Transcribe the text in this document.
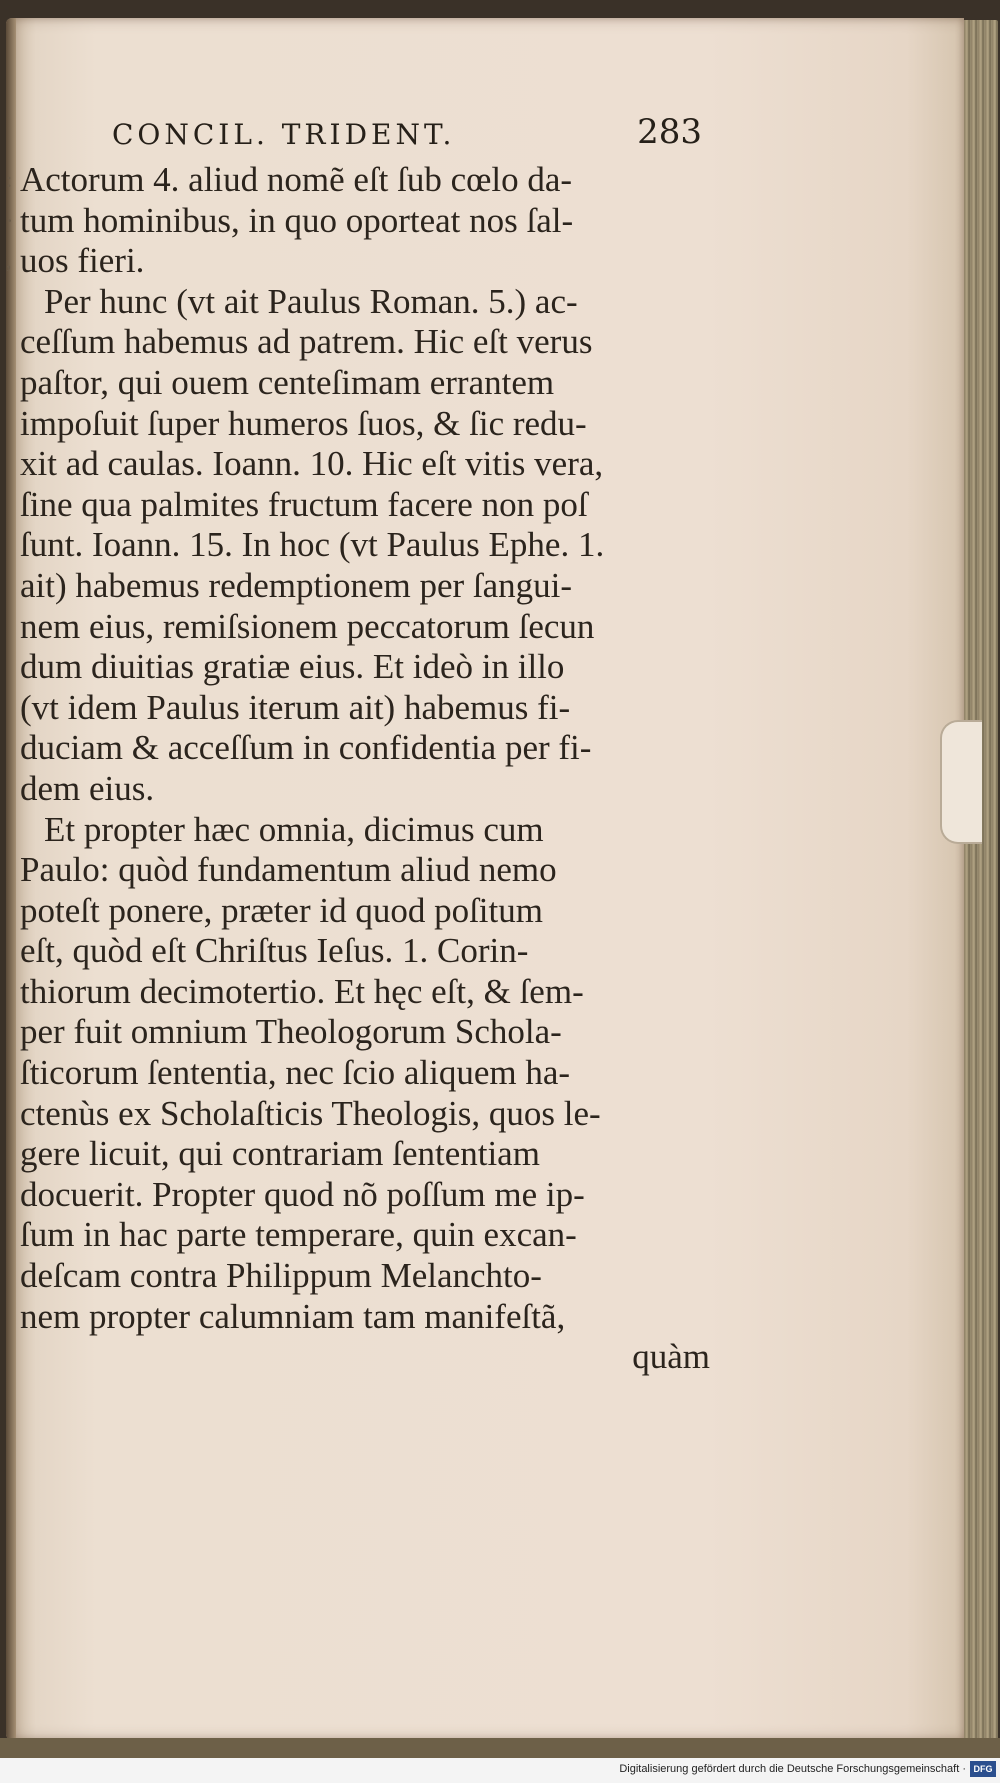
CONCIL. TRIDENT.	283
:
·
,
Actorum 4. aliud nomẽ eſt ſub cœlo da-
tum hominibus, in quo oporteat nos ſal-
uos fieri.
Per hunc (vt ait Paulus Roman. 5.) ac-
ceſſum habemus ad patrem. Hic eſt verus
paſtor, qui ouem centeſimam errantem
impoſuit ſuper humeros ſuos, & ſic redu-
xit ad caulas. Ioann. 10. Hic eſt vitis vera,
ſine qua palmites fructum facere non poſ
ſunt. Ioann. 15. In hoc (vt Paulus Ephe. 1.
ait) habemus redemptionem per ſangui-
nem eius, remiſsionem peccatorum ſecun
dum diuitias gratiæ eius. Et ideò in illo
(vt idem Paulus iterum ait) habemus fi-
duciam & acceſſum in confidentia per fi-
dem eius.
Et propter hæc omnia, dicimus cum
Paulo: quòd fundamentum aliud nemo
poteſt ponere, præter id quod poſitum
eſt, quòd eſt Chriſtus Ieſus. 1. Corin-
thiorum decimotertio. Et hęc eſt, & ſem-
per fuit omnium Theologorum Schola-
ſticorum ſententia, nec ſcio aliquem ha-
ctenùs ex Scholaſticis Theologis, quos le-
gere licuit, qui contrariam ſententiam
docuerit. Propter quod nõ poſſum me ip-
ſum in hac parte temperare, quin excan-
deſcam contra Philippum Melanchto-
nem propter calumniam tam manifeſtã,
quàm
Digitalisierung gefördert durch die Deutsche Forschungsgemeinschaft · DFG
